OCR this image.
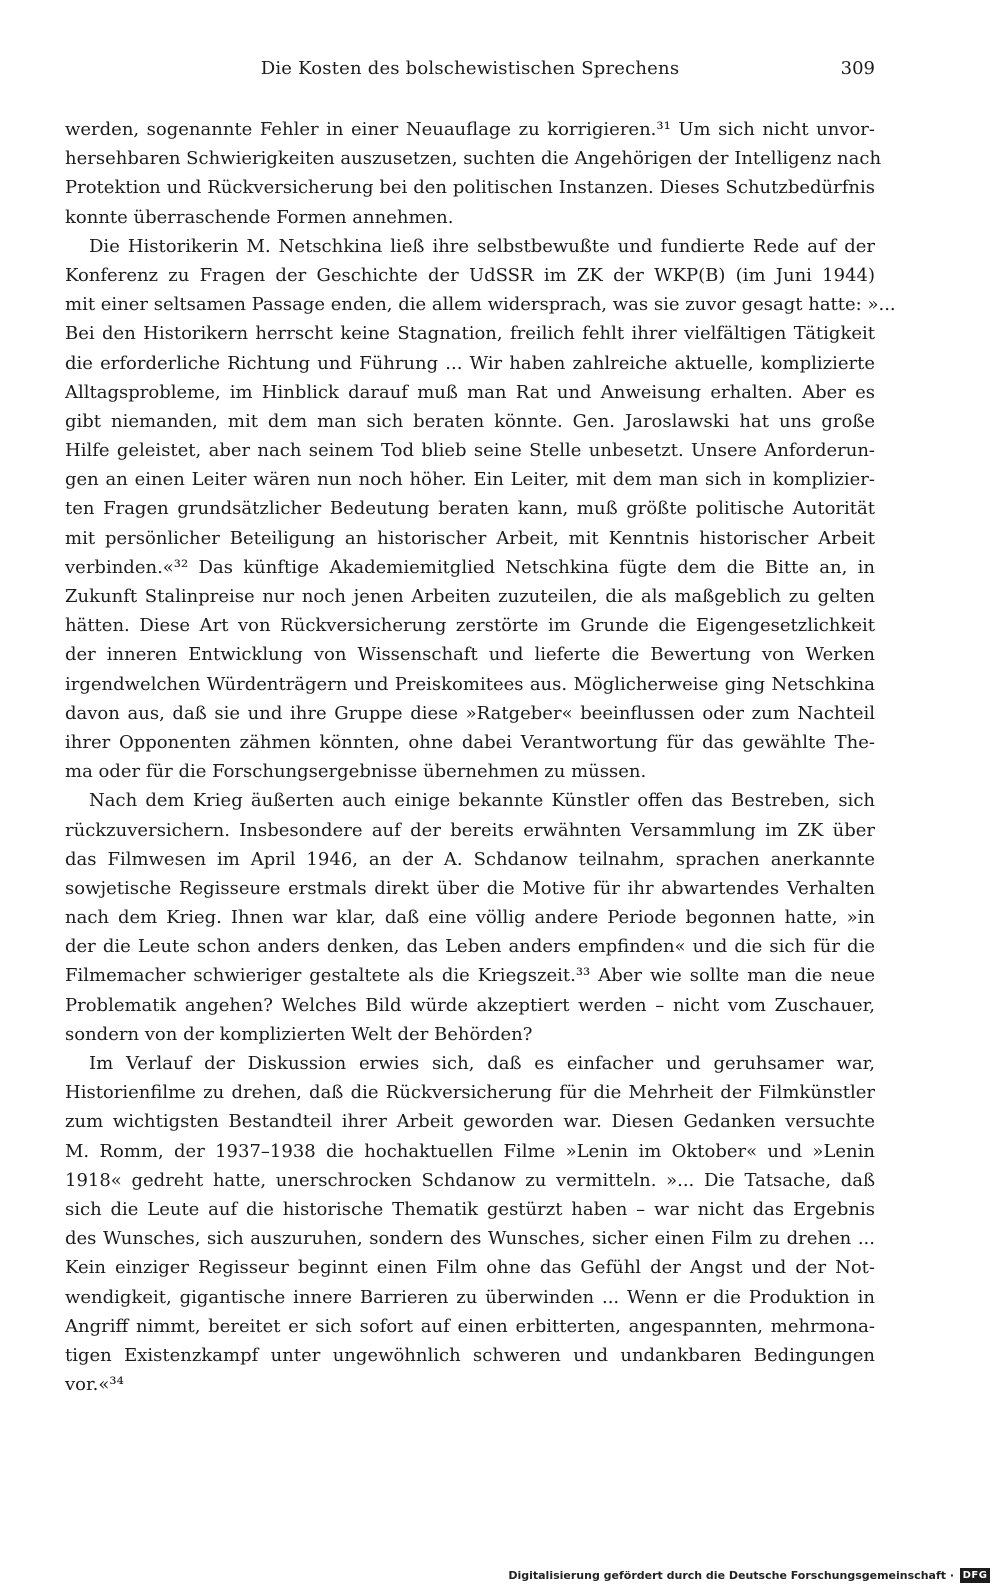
Die Kosten des bolschewistischen Sprechens	309
werden, sogenannte Fehler in einer Neuauflage zu korrigieren.³¹ Um sich nicht unvor-
hersehbaren Schwierigkeiten auszusetzen, suchten die Angehörigen der Intelligenz nach
Protektion und Rückversicherung bei den politischen Instanzen. Dieses Schutzbedürfnis
konnte überraschende Formen annehmen.
Die Historikerin M. Netschkina ließ ihre selbstbewußte und fundierte Rede auf der
Konferenz zu Fragen der Geschichte der UdSSR im ZK der WKP(B) (im Juni 1944)
mit einer seltsamen Passage enden, die allem widersprach, was sie zuvor gesagt hatte: »...
Bei den Historikern herrscht keine Stagnation, freilich fehlt ihrer vielfältigen Tätigkeit
die erforderliche Richtung und Führung ... Wir haben zahlreiche aktuelle, komplizierte
Alltagsprobleme, im Hinblick darauf muß man Rat und Anweisung erhalten. Aber es
gibt niemanden, mit dem man sich beraten könnte. Gen. Jaroslawski hat uns große
Hilfe geleistet, aber nach seinem Tod blieb seine Stelle unbesetzt. Unsere Anforderun-
gen an einen Leiter wären nun noch höher. Ein Leiter, mit dem man sich in komplizier-
ten Fragen grundsätzlicher Bedeutung beraten kann, muß größte politische Autorität
mit persönlicher Beteiligung an historischer Arbeit, mit Kenntnis historischer Arbeit
verbinden.«³² Das künftige Akademiemitglied Netschkina fügte dem die Bitte an, in
Zukunft Stalinpreise nur noch jenen Arbeiten zuzuteilen, die als maßgeblich zu gelten
hätten. Diese Art von Rückversicherung zerstörte im Grunde die Eigengesetzlichkeit
der inneren Entwicklung von Wissenschaft und lieferte die Bewertung von Werken
irgendwelchen Würdenträgern und Preiskomitees aus. Möglicherweise ging Netschkina
davon aus, daß sie und ihre Gruppe diese »Ratgeber« beeinflussen oder zum Nachteil
ihrer Opponenten zähmen könnten, ohne dabei Verantwortung für das gewählte The-
ma oder für die Forschungsergebnisse übernehmen zu müssen.
Nach dem Krieg äußerten auch einige bekannte Künstler offen das Bestreben, sich
rückzuversichern. Insbesondere auf der bereits erwähnten Versammlung im ZK über
das Filmwesen im April 1946, an der A. Schdanow teilnahm, sprachen anerkannte
sowjetische Regisseure erstmals direkt über die Motive für ihr abwartendes Verhalten
nach dem Krieg. Ihnen war klar, daß eine völlig andere Periode begonnen hatte, »in
der die Leute schon anders denken, das Leben anders empfinden« und die sich für die
Filmemacher schwieriger gestaltete als die Kriegszeit.³³ Aber wie sollte man die neue
Problematik angehen? Welches Bild würde akzeptiert werden – nicht vom Zuschauer,
sondern von der komplizierten Welt der Behörden?
Im Verlauf der Diskussion erwies sich, daß es einfacher und geruhsamer war,
Historienfilme zu drehen, daß die Rückversicherung für die Mehrheit der Filmkünstler
zum wichtigsten Bestandteil ihrer Arbeit geworden war. Diesen Gedanken versuchte
M. Romm, der 1937–1938 die hochaktuellen Filme »Lenin im Oktober« und »Lenin
1918« gedreht hatte, unerschrocken Schdanow zu vermitteln. »... Die Tatsache, daß
sich die Leute auf die historische Thematik gestürzt haben – war nicht das Ergebnis
des Wunsches, sich auszuruhen, sondern des Wunsches, sicher einen Film zu drehen ...
Kein einziger Regisseur beginnt einen Film ohne das Gefühl der Angst und der Not-
wendigkeit, gigantische innere Barrieren zu überwinden ... Wenn er die Produktion in
Angriff nimmt, bereitet er sich sofort auf einen erbitterten, angespannten, mehrmona-
tigen Existenzkampf unter ungewöhnlich schweren und undankbaren Bedingungen
vor.«³⁴
Digitalisierung gefördert durch die Deutsche Forschungsgemeinschaft · DFG
